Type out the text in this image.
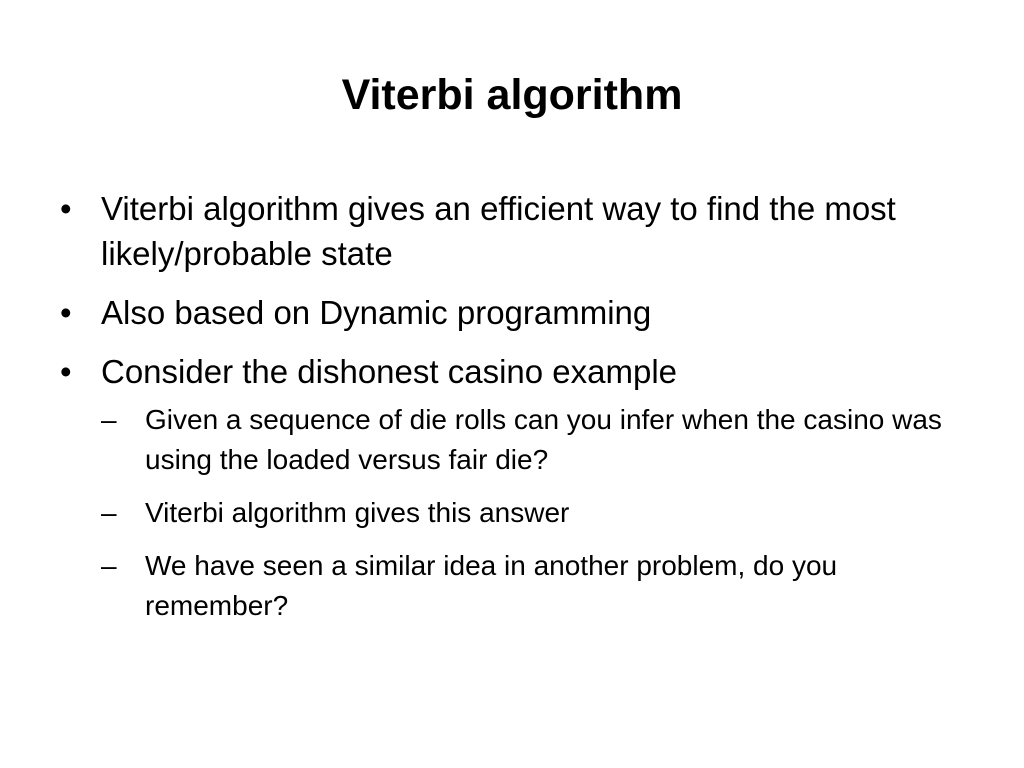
Viterbi algorithm
• Viterbi algorithm gives an efficient way to find the most likely/probable state
• Also based on Dynamic programming
• Consider the dishonest casino example
–	Given a sequence of die rolls can you infer when the casino was using the loaded versus fair die?
–	Viterbi algorithm gives this answer
–	We have seen a similar idea in another problem, do you remember?
